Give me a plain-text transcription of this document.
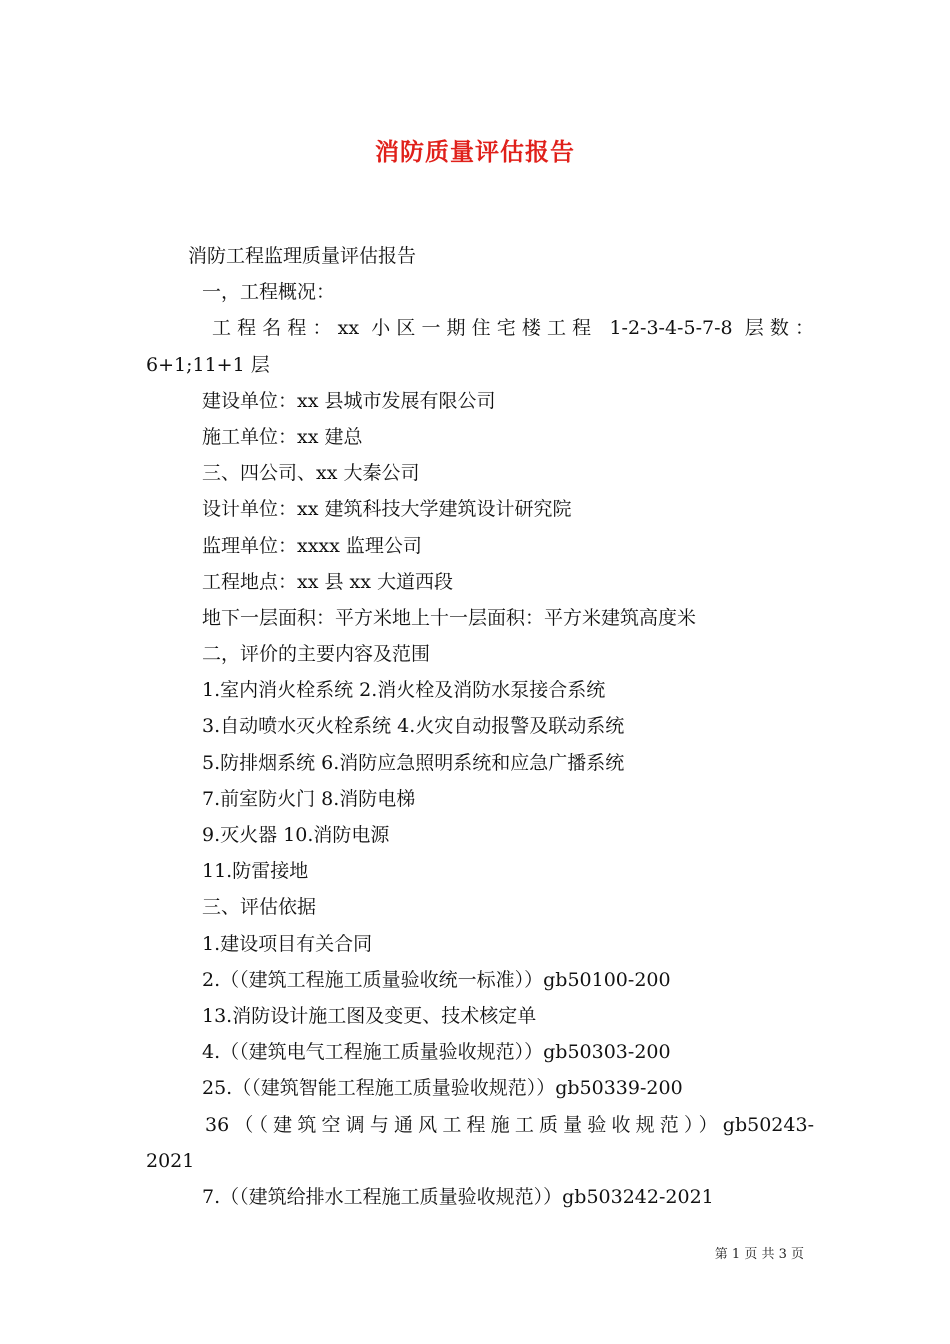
消防质量评估报告
消防工程监理质量评估报告
一，工程概况：
工程名程：xx 小区一期住宅楼工程 1-2-3-4-5-7-8 层数：
6+1;11+1 层
建设单位：xx 县城市发展有限公司
施工单位：xx 建总
三、四公司、xx 大秦公司
设计单位：xx 建筑科技大学建筑设计研究院
监理单位：xxxx 监理公司
工程地点：xx 县 xx 大道西段
地下一层面积：平方米地上十一层面积：平方米建筑高度米
二，评价的主要内容及范围
1.室内消火栓系统 2.消火栓及消防水泵接合系统
3.自动喷水灭火栓系统 4.火灾自动报警及联动系统
5.防排烟系统 6.消防应急照明系统和应急广播系统
7.前室防火门 8.消防电梯
9.灭火器 10.消防电源
11.防雷接地
三、评估依据
1.建设项目有关合同
2.（（建筑工程施工质量验收统一标准））gb50100-200
13.消防设计施工图及变更、技术核定单
4.（（建筑电气工程施工质量验收规范））gb50303-200
25.（（建筑智能工程施工质量验收规范））gb50339-200
36（（建筑空调与通风工程施工质量验收规范））gb50243-
2021
7.（（建筑给排水工程施工质量验收规范））gb503242-2021
第 1 页 共 3 页
